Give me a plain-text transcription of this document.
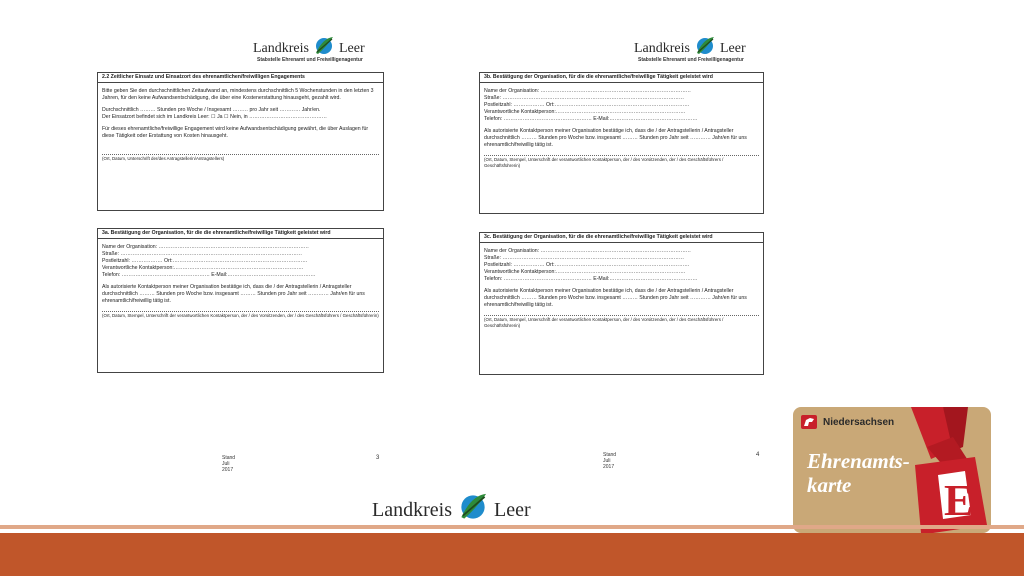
Landkreis Leer
Stabstelle Ehrenamt und Freiwilligenagentur
2.2 Zeitlicher Einsatz und Einsatzort des ehrenamtlichen/freiwilligen Engagements

Bitte geben Sie den durchschnittlichen Zeitaufwand an, mindestens durchschnittlich 5 Wochenstunden in den letzten 3 Jahren, für den keine Aufwandsentschädigung, die über eine Kostenerstattung hinausgeht, gezahlt wird.

Durchschnittlich ……… Stunden pro Woche / Insgesamt ……… pro Jahr seit ………… Jahr/en.

Der Einsatzort befindet sich im Landkreis Leer: ☐ Ja ☐ Nein, in ………………………………………

Für dieses ehrenamtliche/freiwillige Engagement wird keine Aufwandsentschädigung gewährt, die über Auslagen für diese Tätigkeit oder Erstattung von Kosten hinausgeht.

(Ort, Datum, Unterschrift der/des Antragstellerin/Antragstellers)
3a. Bestätigung der Organisation, für die die ehrenamtliche/freiwillige Tätigkeit geleistet wird
Name der Organisation: ……………………………………………………………………………
Straße: ……………………………………………………………………………………………
Postleitzahl: ……………… Ort:……………………………………………………………………
Verantwortliche Kontaktperson:…………………………………………………………………

Telefon: …………………………………………… E-Mail:……………………………………………

Als autorisierte Kontaktperson meiner Organisation bestätige ich, dass die / der Antragstellerin / Antragsteller durchschnittlich ……… Stunden pro Woche bzw. insgesamt ……… Stunden pro Jahr seit ………… Jahr/en für uns ehrenamtlich/freiwillig tätig ist.

(Ort, Datum, Stempel, Unterschrift der verantwortlichen Kontaktperson, der / des Vorsitzenden, der / des Geschäftsführers / Geschäftsführerin)
Stand Juli 2017
3
Landkreis Leer
Stabstelle Ehrenamt und Freiwilligenagentur
3b. Bestätigung der Organisation, für die die ehrenamtliche/freiwillige Tätigkeit geleistet wird
Name der Organisation: ……………………………………………………………………………
Straße: ……………………………………………………………………………………………
Postleitzahl: ……………… Ort:……………………………………………………………………
Verantwortliche Kontaktperson:…………………………………………………………………

Telefon: …………………………………………… E-Mail:……………………………………………

Als autorisierte Kontaktperson meiner Organisation bestätige ich, dass die / der Antragstellerin / Antragsteller durchschnittlich ……… Stunden pro Woche bzw. insgesamt ……… Stunden pro Jahr seit ………… Jahr/en für uns ehrenamtlich/freiwillig tätig ist.

(Ort, Datum, Stempel, Unterschrift der verantwortlichen Kontaktperson, der / des Vorsitzenden, der / des Geschäftsführers / Geschäftsführerin)
3c. Bestätigung der Organisation, für die die ehrenamtliche/freiwillige Tätigkeit geleistet wird
Name der Organisation: ……………………………………………………………………………
Straße: ……………………………………………………………………………………………
Postleitzahl: ……………… Ort:……………………………………………………………………
Verantwortliche Kontaktperson:…………………………………………………………………

Telefon: …………………………………………… E-Mail:……………………………………………

Als autorisierte Kontaktperson meiner Organisation bestätige ich, dass die / der Antragstellerin / Antragsteller durchschnittlich ……… Stunden pro Woche bzw. insgesamt ……… Stunden pro Jahr seit ………… Jahr/en für uns ehrenamtlich/freiwillig tätig ist.

(Ort, Datum, Stempel, Unterschrift der verantwortlichen Kontaktperson, der / des Vorsitzenden, der / des Geschäftsführers / Geschäftsführerin)
Stand Juli 2017
4
Landkreis Leer	E
Niedersachsen
Ehrenamts-
karte
